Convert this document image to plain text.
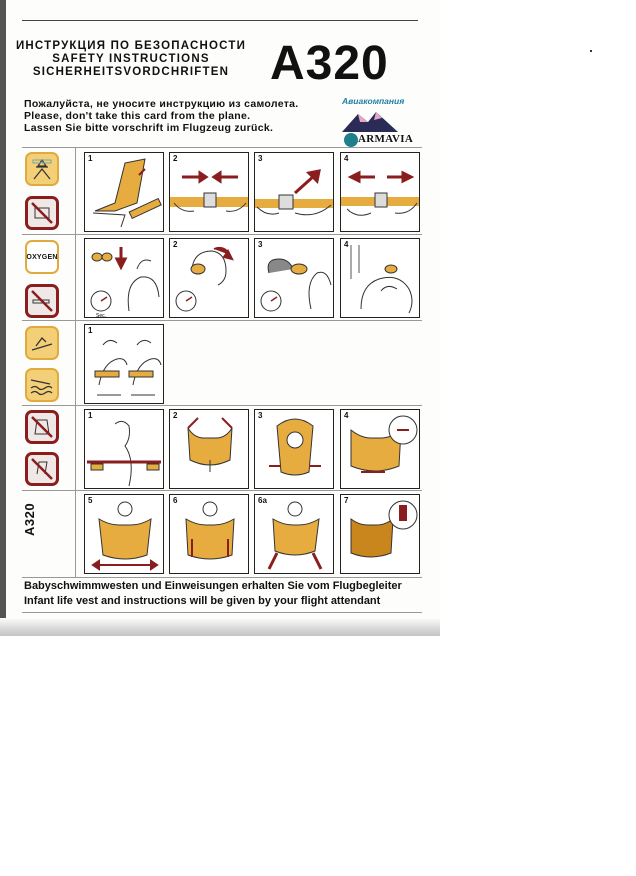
ИНСТРУКЦИЯ ПО БЕЗОПАСНОСТИ
SAFETY INSTRUCTIONS
SICHERHEITSVORDCHRIFTEN A320
Пожалуйста, не уносите инструкцию из самолета.
Please, don't take this card from the plane.
Lassen Sie bitte vorschrift im Flugzeug zurück.
Авиакомпания
ARMAVIA
OXYGEN
A320
1	2	3	4
Sec.
2	3	4
1
1	2	3	4
5	6	6a	7
Babyschwimmwesten und Einweisungen erhalten Sie vom Flugbegleiter
Infant life vest and instructions will be given by your flight attendant
